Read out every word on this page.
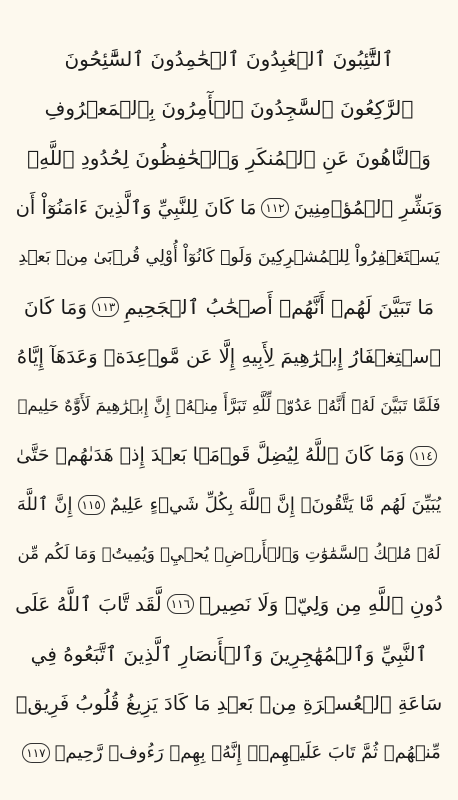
ٱلتَّٰٓئِبُونَ ٱلۡعَٰبِدُونَ ٱلۡحَٰمِدُونَ ٱلسَّٰٓئِحُونَ
ٱلرَّٰكِعُونَ ٱلسَّٰجِدُونَ ٱلۡأٓمِرُونَ بِٱلۡمَعۡرُوفِ
وَٱلنَّاهُونَ عَنِ ٱلۡمُنكَرِ وَٱلۡحَٰفِظُونَ لِحُدُودِ ٱللَّهِۗ
وَبَشِّرِ ٱلۡمُؤۡمِنِينَ
١١٢
مَا كَانَ لِلنَّبِيِّ وَٱلَّذِينَ ءَامَنُوٓاْ أَن
يَسۡتَغۡفِرُواْ لِلۡمُشۡرِكِينَ وَلَوۡ كَانُوٓاْ أُوْلِي قُرۡبَىٰ مِنۢ بَعۡدِ
مَا تَبَيَّنَ لَهُمۡ أَنَّهُمۡ أَصۡحَٰبُ ٱلۡجَحِيمِ
١١٣
وَمَا كَانَ
ٱسۡتِغۡفَارُ إِبۡرَٰهِيمَ لِأَبِيهِ إِلَّا عَن مَّوۡعِدَةٖ وَعَدَهَآ إِيَّاهُ
فَلَمَّا تَبَيَّنَ لَهُۥٓ أَنَّهُۥ عَدُوّٞ لِّلَّهِ تَبَرَّأَ مِنۡهُۚ إِنَّ إِبۡرَٰهِيمَ لَأَوَّٰهٌ حَلِيمٞ
١١٤
وَمَا كَانَ ٱللَّهُ لِيُضِلَّ قَوۡمَۢا بَعۡدَ إِذۡ هَدَىٰهُمۡ حَتَّىٰ
يُبَيِّنَ لَهُم مَّا يَتَّقُونَۚ إِنَّ ٱللَّهَ بِكُلِّ شَيۡءٍ عَلِيمٌ
١١٥
إِنَّ ٱللَّهَ
لَهُۥ مُلۡكُ ٱلسَّمَٰوَٰتِ وَٱلۡأَرۡضِۖ يُحۡيِۦ وَيُمِيتُۚ وَمَا لَكُم مِّن
دُونِ ٱللَّهِ مِن وَلِيّٖ وَلَا نَصِيرٖ
١١٦
لَّقَد تَّابَ ٱللَّهُ عَلَى
ٱلنَّبِيِّ وَٱلۡمُهَٰجِرِينَ وَٱلۡأَنصَارِ ٱلَّذِينَ ٱتَّبَعُوهُ فِي
سَاعَةِ ٱلۡعُسۡرَةِ مِنۢ بَعۡدِ مَا كَادَ يَزِيغُ قُلُوبُ فَرِيقٖ
مِّنۡهُمۡ ثُمَّ تَابَ عَلَيۡهِمۡۚ إِنَّهُۥ بِهِمۡ رَءُوفٞ رَّحِيمٞ
١١٧
